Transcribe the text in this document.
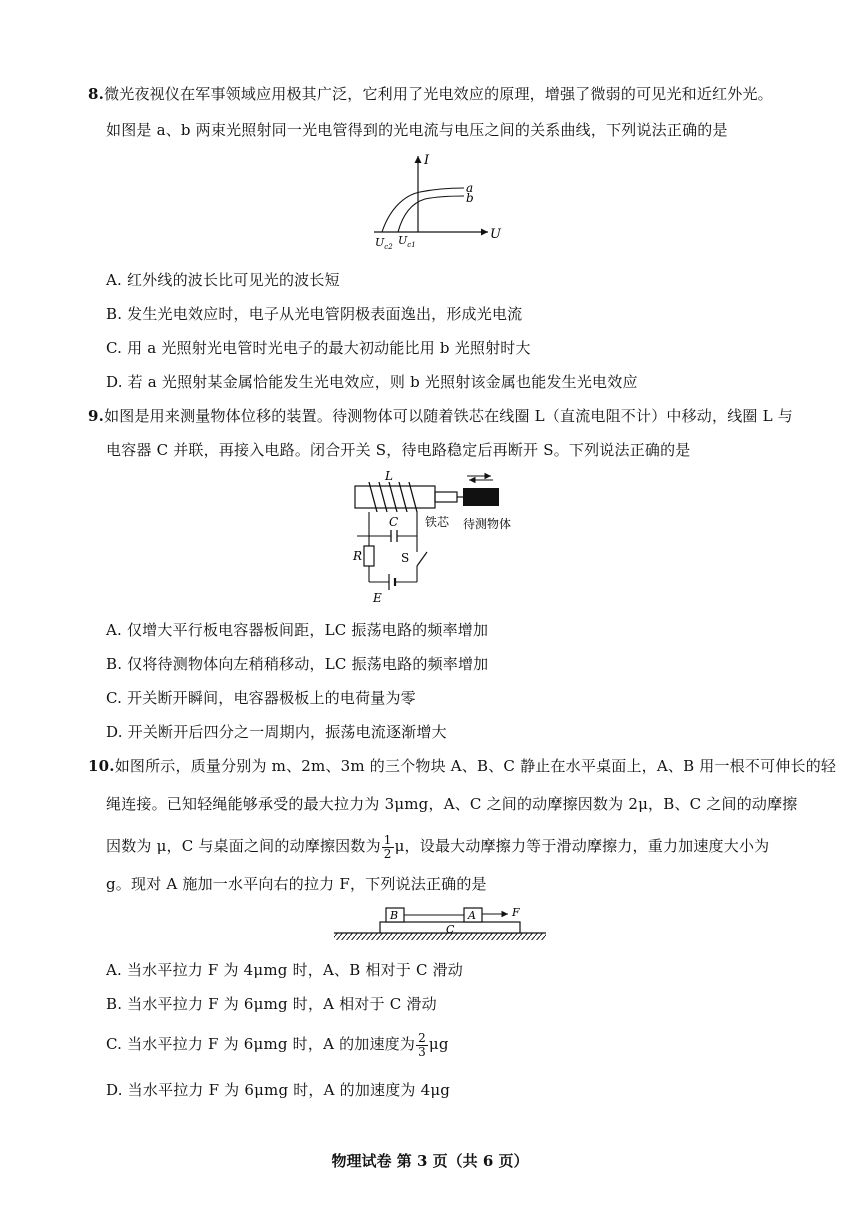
8.微光夜视仪在军事领域应用极其广泛，它利用了光电效应的原理，增强了微弱的可见光和近红外光。
如图是 a、b 两束光照射同一光电管得到的光电流与电压之间的关系曲线，下列说法正确的是
I
U
a
b
$U_{c2}$ $U_{c1}$
A. 红外线的波长比可见光的波长短
B. 发生光电效应时，电子从光电管阴极表面逸出，形成光电流
C. 用 a 光照射光电管时光电子的最大初动能比用 b 光照射时大
D. 若 a 光照射某金属恰能发生光电效应，则 b 光照射该金属也能发生光电效应
9.如图是用来测量物体位移的装置。待测物体可以随着铁芯在线圈 L（直流电阻不计）中移动，线圈 L 与
电容器 C 并联，再接入电路。闭合开关 S，待电路稳定后再断开 S。下列说法正确的是
L
铁芯 待测物体
C
R	S
E
A. 仅增大平行板电容器板间距，LC 振荡电路的频率增加
B. 仅将待测物体向左稍稍移动，LC 振荡电路的频率增加
C. 开关断开瞬间，电容器极板上的电荷量为零
D. 开关断开后四分之一周期内，振荡电流逐渐增大
10.如图所示，质量分别为 m、2m、3m 的三个物块 A、B、C 静止在水平桌面上，A、B 用一根不可伸长的轻
绳连接。已知轻绳能够承受的最大拉力为 3μmg，A、C 之间的动摩擦因数为 2μ，B、C 之间的动摩擦
因数为 μ，C 与桌面之间的动摩擦因数为 $\frac{1}{2}$ μ，设最大动摩擦力等于滑动摩擦力，重力加速度大小为
g。现对 A 施加一水平向右的拉力 F，下列说法正确的是
C
B	A	F
A. 当水平拉力 F 为 4μmg 时，A、B 相对于 C 滑动
B. 当水平拉力 F 为 6μmg 时，A 相对于 C 滑动
C. 当水平拉力 F 为 6μmg 时，A 的加速度为 $\frac{2}{3}$ μg
D. 当水平拉力 F 为 6μmg 时，A 的加速度为 4μg
物理试卷 第 3 页（共 6 页）
